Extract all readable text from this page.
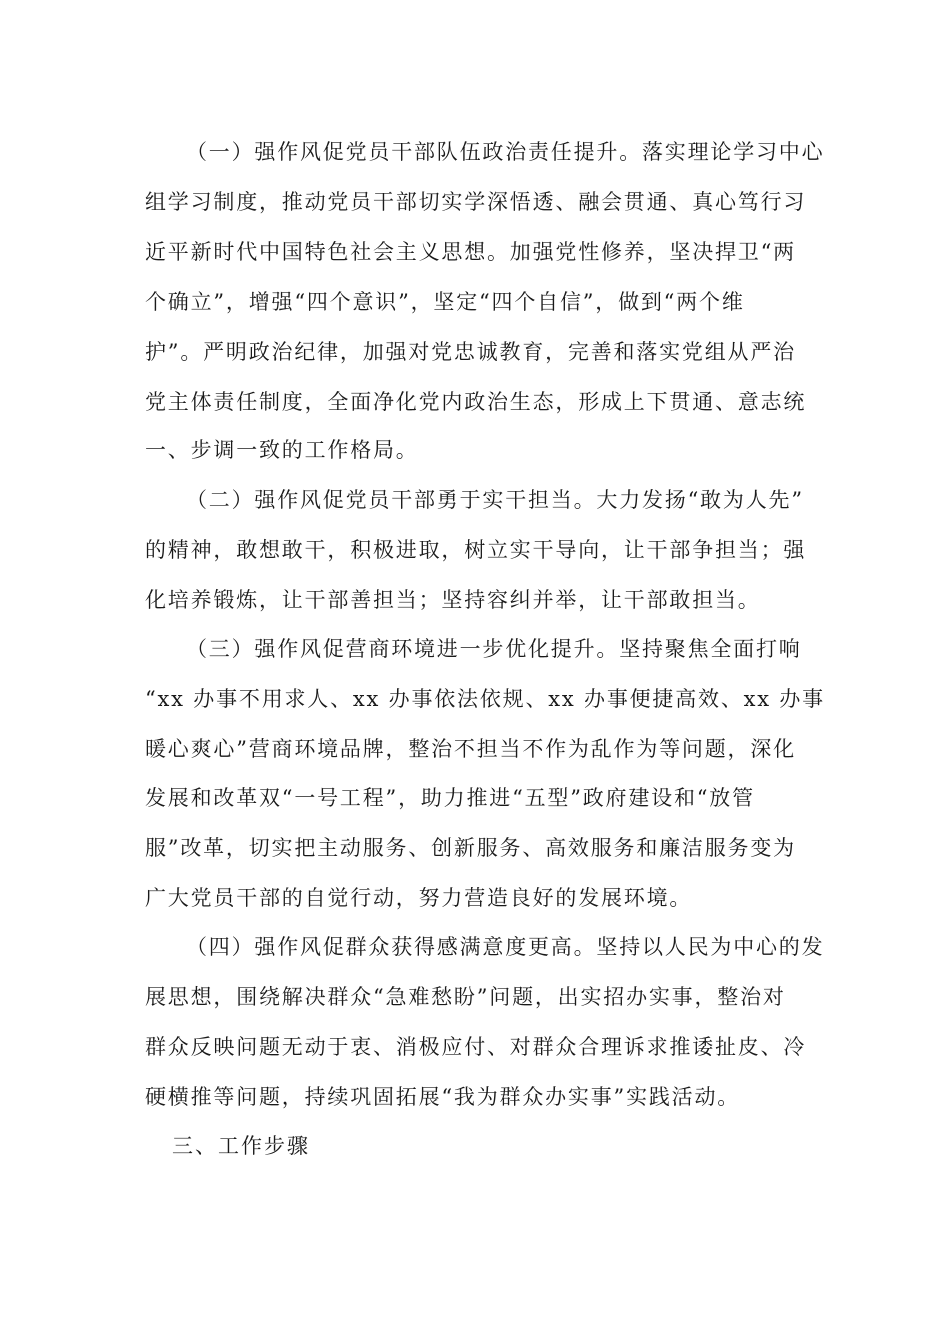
（一）强作风促党员干部队伍政治责任提升。落实理论学习中心
组学习制度，推动党员干部切实学深悟透、融会贯通、真心笃行习
近平新时代中国特色社会主义思想。加强党性修养，坚决捍卫“两
个确立”，增强“四个意识”，坚定“四个自信”，做到“两个维
护”。严明政治纪律，加强对党忠诚教育，完善和落实党组从严治
党主体责任制度，全面净化党内政治生态，形成上下贯通、意志统
一、步调一致的工作格局。
（二）强作风促党员干部勇于实干担当。大力发扬“敢为人先”
的精神，敢想敢干，积极进取，树立实干导向，让干部争担当；强
化培养锻炼，让干部善担当；坚持容纠并举，让干部敢担当。
（三）强作风促营商环境进一步优化提升。坚持聚焦全面打响
“xx 办事不用求人、xx 办事依法依规、xx 办事便捷高效、xx 办事
暖心爽心”营商环境品牌，整治不担当不作为乱作为等问题，深化
发展和改革双“一号工程”，助力推进“五型”政府建设和“放管
服”改革，切实把主动服务、创新服务、高效服务和廉洁服务变为
广大党员干部的自觉行动，努力营造良好的发展环境。
（四）强作风促群众获得感满意度更高。坚持以人民为中心的发
展思想，围绕解决群众“急难愁盼”问题，出实招办实事，整治对
群众反映问题无动于衷、消极应付、对群众合理诉求推诿扯皮、冷
硬横推等问题，持续巩固拓展“我为群众办实事”实践活动。
三、工作步骤
